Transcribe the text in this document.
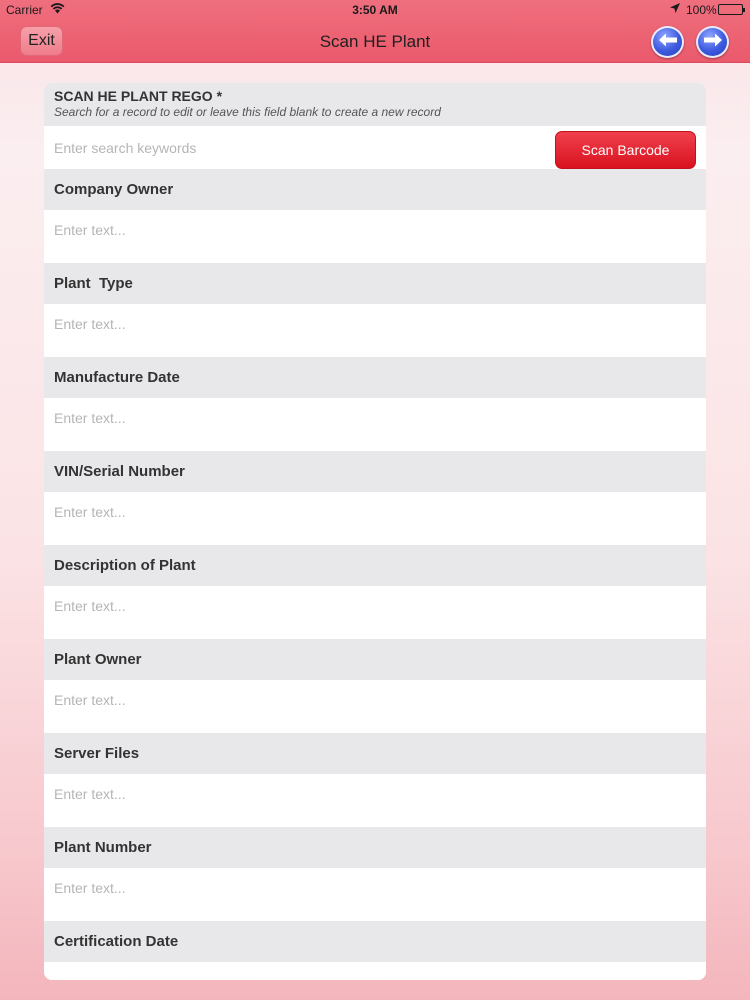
Carrier	3:50 AM	100%
Exit	Scan HE Plant
SCAN HE PLANT REGO *
Search for a record to edit or leave this field blank to create a new record
Enter search keywords
Scan Barcode
Company Owner
Enter text...
Plant  Type
Enter text...
Manufacture Date
Enter text...
VIN/Serial Number
Enter text...
Description of Plant
Enter text...
Plant Owner
Enter text...
Server Files
Enter text...
Plant Number
Enter text...
Certification Date
